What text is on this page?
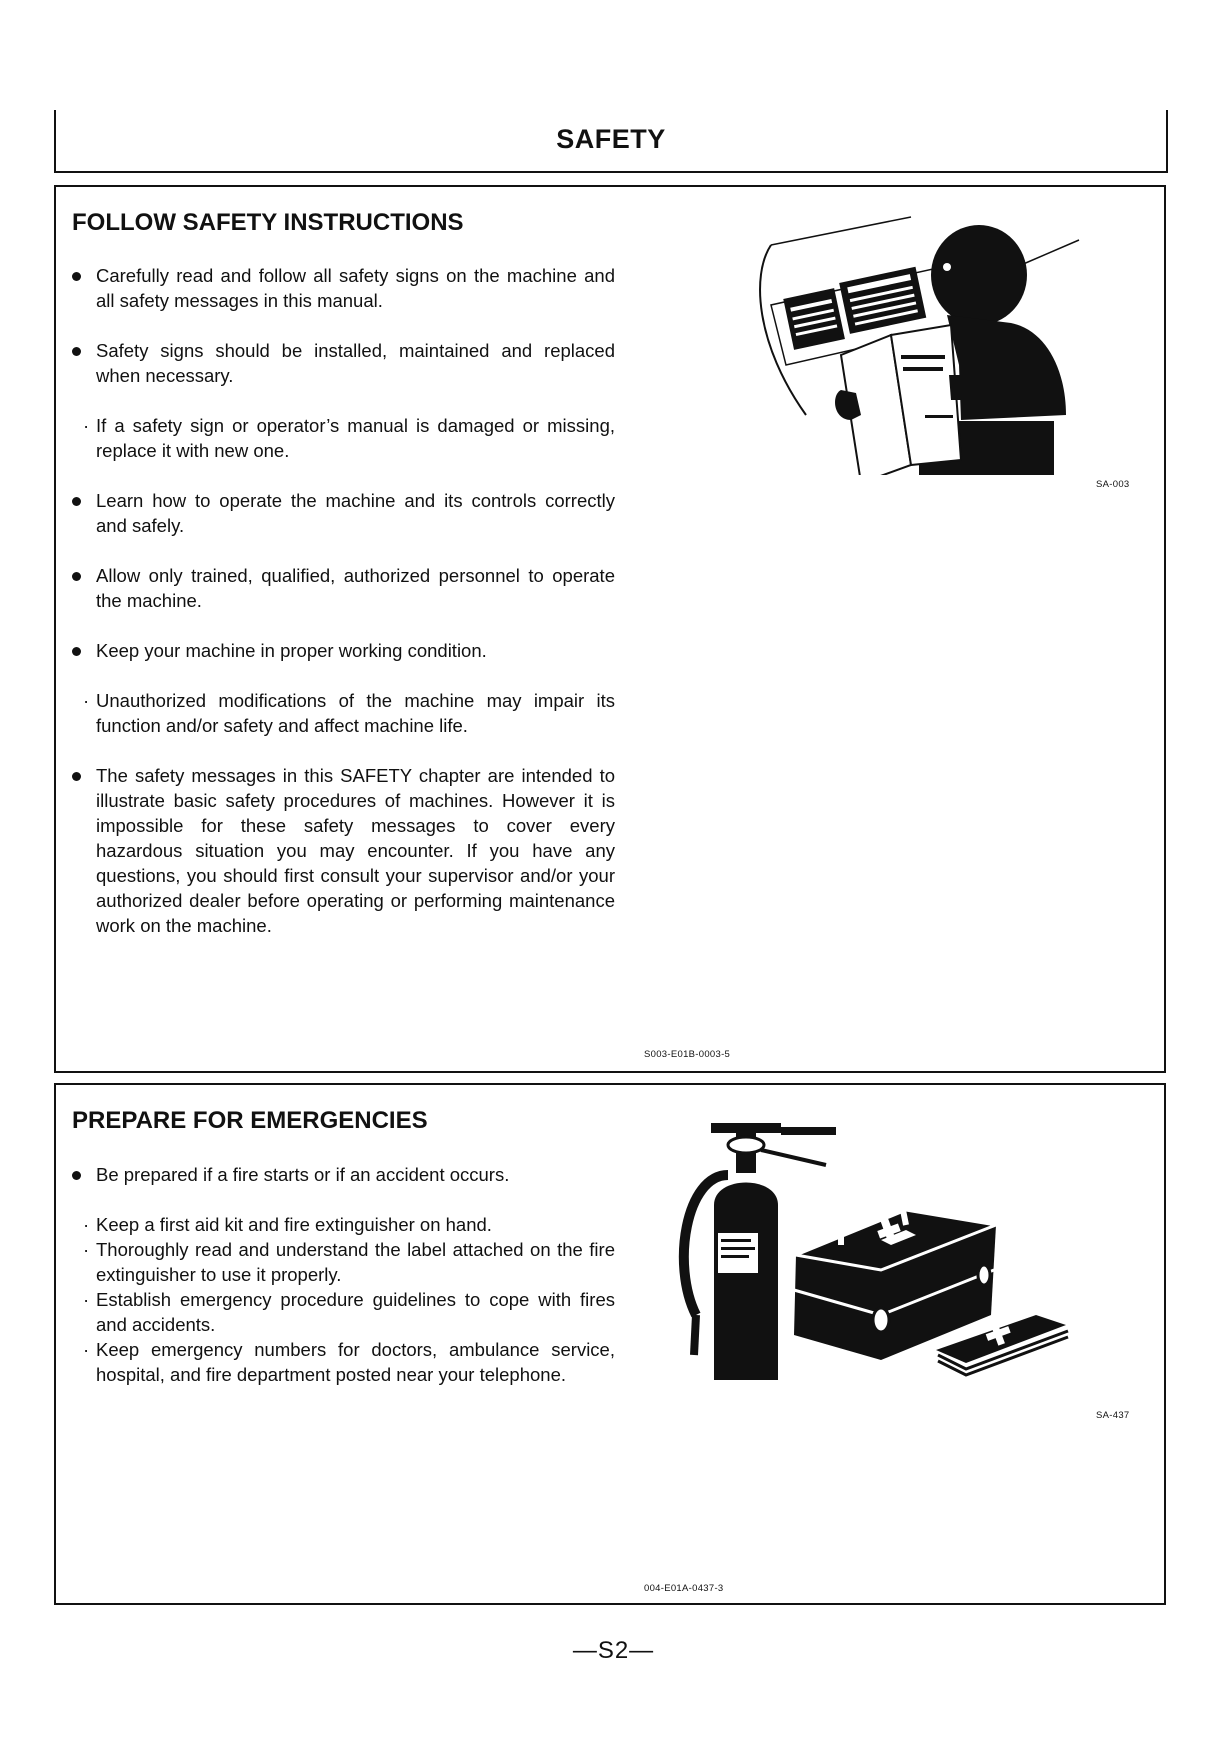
SAFETY
FOLLOW SAFETY INSTRUCTIONS
Carefully read and follow all safety signs on the machine and all safety messages in this manual.
Safety signs should be installed, maintained and replaced when necessary.
· If a safety sign or operator’s manual is damaged or missing, replace it with new one.
Learn how to operate the machine and its controls correctly and safely.
Allow only trained, qualified, authorized personnel to operate the machine.
Keep your machine in proper working condition.
· Unauthorized modifications of the machine may impair its function and/or safety and affect machine life.
The safety messages in this SAFETY chapter are intended to illustrate basic safety procedures of machines. However it is impossible for these safety messages to cover every hazardous situation you may encounter. If you have any questions, you should first consult your supervisor and/or your authorized dealer before operating or performing maintenance work on the machine.
SA-003
S003-E01B-0003-5
PREPARE FOR EMERGENCIES
Be prepared if a fire starts or if an accident occurs.
· Keep a first aid kit and fire extinguisher on hand.
· Thoroughly read and understand the label attached on the fire extinguisher to use it properly.
· Establish emergency procedure guidelines to cope with fires and accidents.
· Keep emergency numbers for doctors, ambulance service, hospital, and fire department posted near your telephone.
SA-437
004-E01A-0437-3
—S2—
